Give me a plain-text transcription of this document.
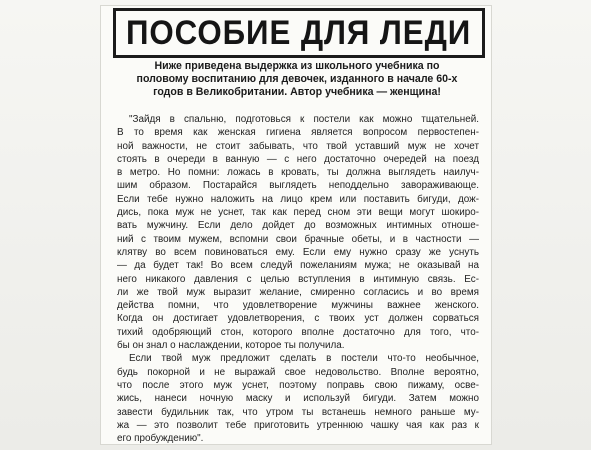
ПОСОБИЕ ДЛЯ ЛЕДИ
Ниже приведена выдержка из школьного учебника по
половому воспитанию для девочек, изданного в начале 60-х
годов в Великобритании. Автор учебника — женщина!
"Зайдя в спальню, подготовься к постели как можно тщательней.
В то время как женская гигиена является вопросом первостепен-
ной важности, не стоит забывать, что твой уставший муж не хочет
стоять в очереди в ванную — с него достаточно очередей на поезд
в метро. Но помни: ложась в кровать, ты должна выглядеть наилуч-
шим образом. Постарайся выглядеть неподдельно завораживающе.
Если тебе нужно наложить на лицо крем или поставить бигуди, дож-
дись, пока муж не уснет, так как перед сном эти вещи могут шокиро-
вать мужчину. Если дело дойдет до возможных интимных отноше-
ний с твоим мужем, вспомни свои брачные обеты, и в частности —
клятву во всем повиноваться ему. Если ему нужно сразу же уснуть
— да будет так! Во всем следуй пожеланиям мужа; не оказывай на
него никакого давления с целью вступления в интимную связь. Ес-
ли же твой муж выразит желание, смиренно согласись и во время
действа помни, что удовлетворение мужчины важнее женского.
Когда он достигает удовлетворения, с твоих уст должен сорваться
тихий одобряющий стон, которого вполне достаточно для того, что-
бы он знал о наслаждении, которое ты получила.
Если твой муж предложит сделать в постели что-то необычное,
будь покорной и не выражай свое недовольство. Вполне вероятно,
что после этого муж уснет, поэтому поправь свою пижаму, осве-
жись, нанеси ночную маску и используй бигуди. Затем можно
завести будильник так, что утром ты встанешь немного раньше му-
жа — это позволит тебе приготовить утреннюю чашку чая как раз к
его пробуждению".
